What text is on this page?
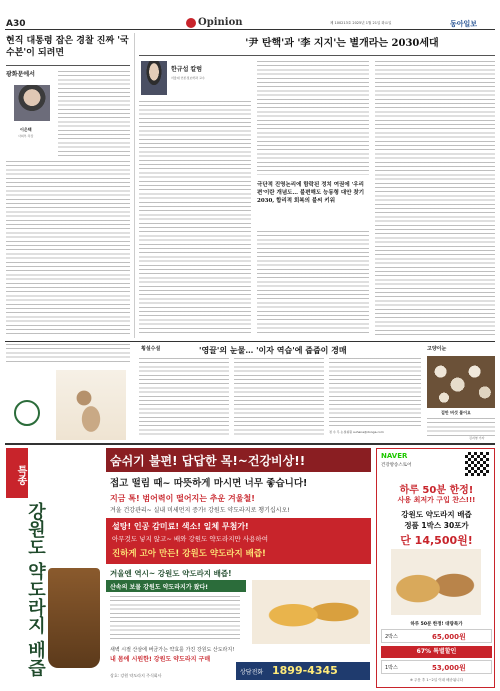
A30	Opinion	제 100213호 2025년 1월 21일 화요일	동아일보
현직 대통령 잡은 경찰 진짜 '국수본'이 되려면
광화문에서
이은택
사회부 차장
'尹 탄핵'과 '李 지지'는 별개라는 2030세대
한규섭 칼럼
서울대 언론정보학과 교수
극단적 진영논리에 함락된 정치 여권에 '우리 편'이란 개념도… 불편해도 능동형 대안 찾기 2030, 합리적 회복의 불씨 키워
횡설수설	'영끌'의 눈물… '이자 역습'에 줍줍이 경매
정 수 무 논설위원 suhana@donga.com
고양이눈
겉만 버섯 붙어요
김지영 기자
특종
강원도 약도라지 배즙
숨쉬기 불편! 답답한 목!~건강비상!!
접고 떨림 때~ 따뜻하게 마시면 너무 좋습니다!
지금 톡! 범어력이 떨어지는 추운 겨울철!
겨울 건강관리~ 실내 미세먼지 증가! 강원도 약도라지로 챙기십시오!
설탕! 인공 감미료! 색소! 일체 무첨가!
아무것도 넣지 않고~ 배와 강원도 약도라지만 사용하여
진하게 고아 만든! 강원도 약도라지 배즙!
겨울엔 역시~ 강원도 약도라지 배즙!
산속의 보물 강원도 약도라지가 왔다!
새벽 시절 산삼에 버금가는 약효를 가진 강원도 산도라지!
내 몸에 시원한! 강원도 약도라지 구매
상담전화 1899-4345
상호: 강원 약도라지 주식회사
NAVER
건강방송스토어
하루 50분 한정!
사용 최저가 구입 찬스!!!
강원도 약도라지 배즙
정품 1박스 30포가
단 14,500원!
하루 50분 한정! 대량특가
2박스	65,000원
67% 특별할인
1박스	53,000원
※ 주문 후 1~2일 이내 배송됩니다
